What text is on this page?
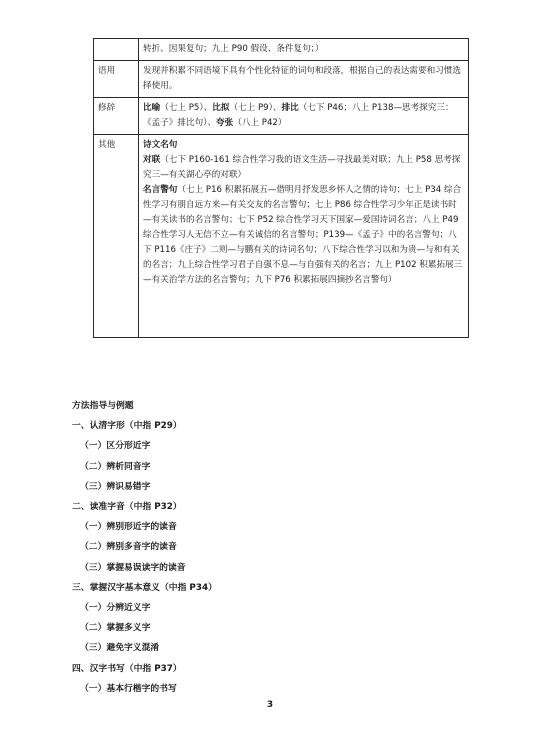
	转折、因果复句；九上 P90 假设、条件复句；）
语用	发现并积累不同语境下具有个性化特征的词句和段落，根据自己的表达需要和习惯选择使用。
修辞	比喻（七上 P5）、比拟（七上 P9）、排比（七下 P46；八上 P138—思考探究三：《孟子》排比句）、夸张（八上 P42）
其他	诗文名句
对联（七下 P160-161 综合性学习我的语文生活—寻找最美对联；九上 P58 思考探究三—有关湖心亭的对联）
名言警句（七上 P16 积累拓展五—借明月抒发思乡怀人之情的诗句；七上 P34 综合性学习有朋自远方来—有关交友的名言警句；七上 P86 综合性学习少年正是读书时—有关读书的名言警句；七下 P52 综合性学习天下国家—爱国诗词名言；八上 P49 综合性学习人无信不立—有关诚信的名言警句；P139—《孟子》中的名言警句；八下 P116《庄子》二则—与鹏有关的诗词名句；八下综合性学习以和为贵—与和有关的名言；九上综合性学习君子自强不息—与自强有关的名言；九上 P102 积累拓展三—有关治学方法的名言警句；九下 P76 积累拓展四摘抄名言警句）
方法指导与例题
一、认清字形（中指 P29）
（一）区分形近字
（二）辨析同音字
（三）辨识易错字
二、读准字音（中指 P32）
（一）辨别形近字的读音
（二）辨别多音字的读音
（三）掌握易误读字的读音
三、掌握汉字基本意义（中指 P34）
（一）分辨近义字
（二）掌握多义字
（三）避免字义混淆
四、汉字书写（中指 P37）
（一）基本行楷字的书写
3
